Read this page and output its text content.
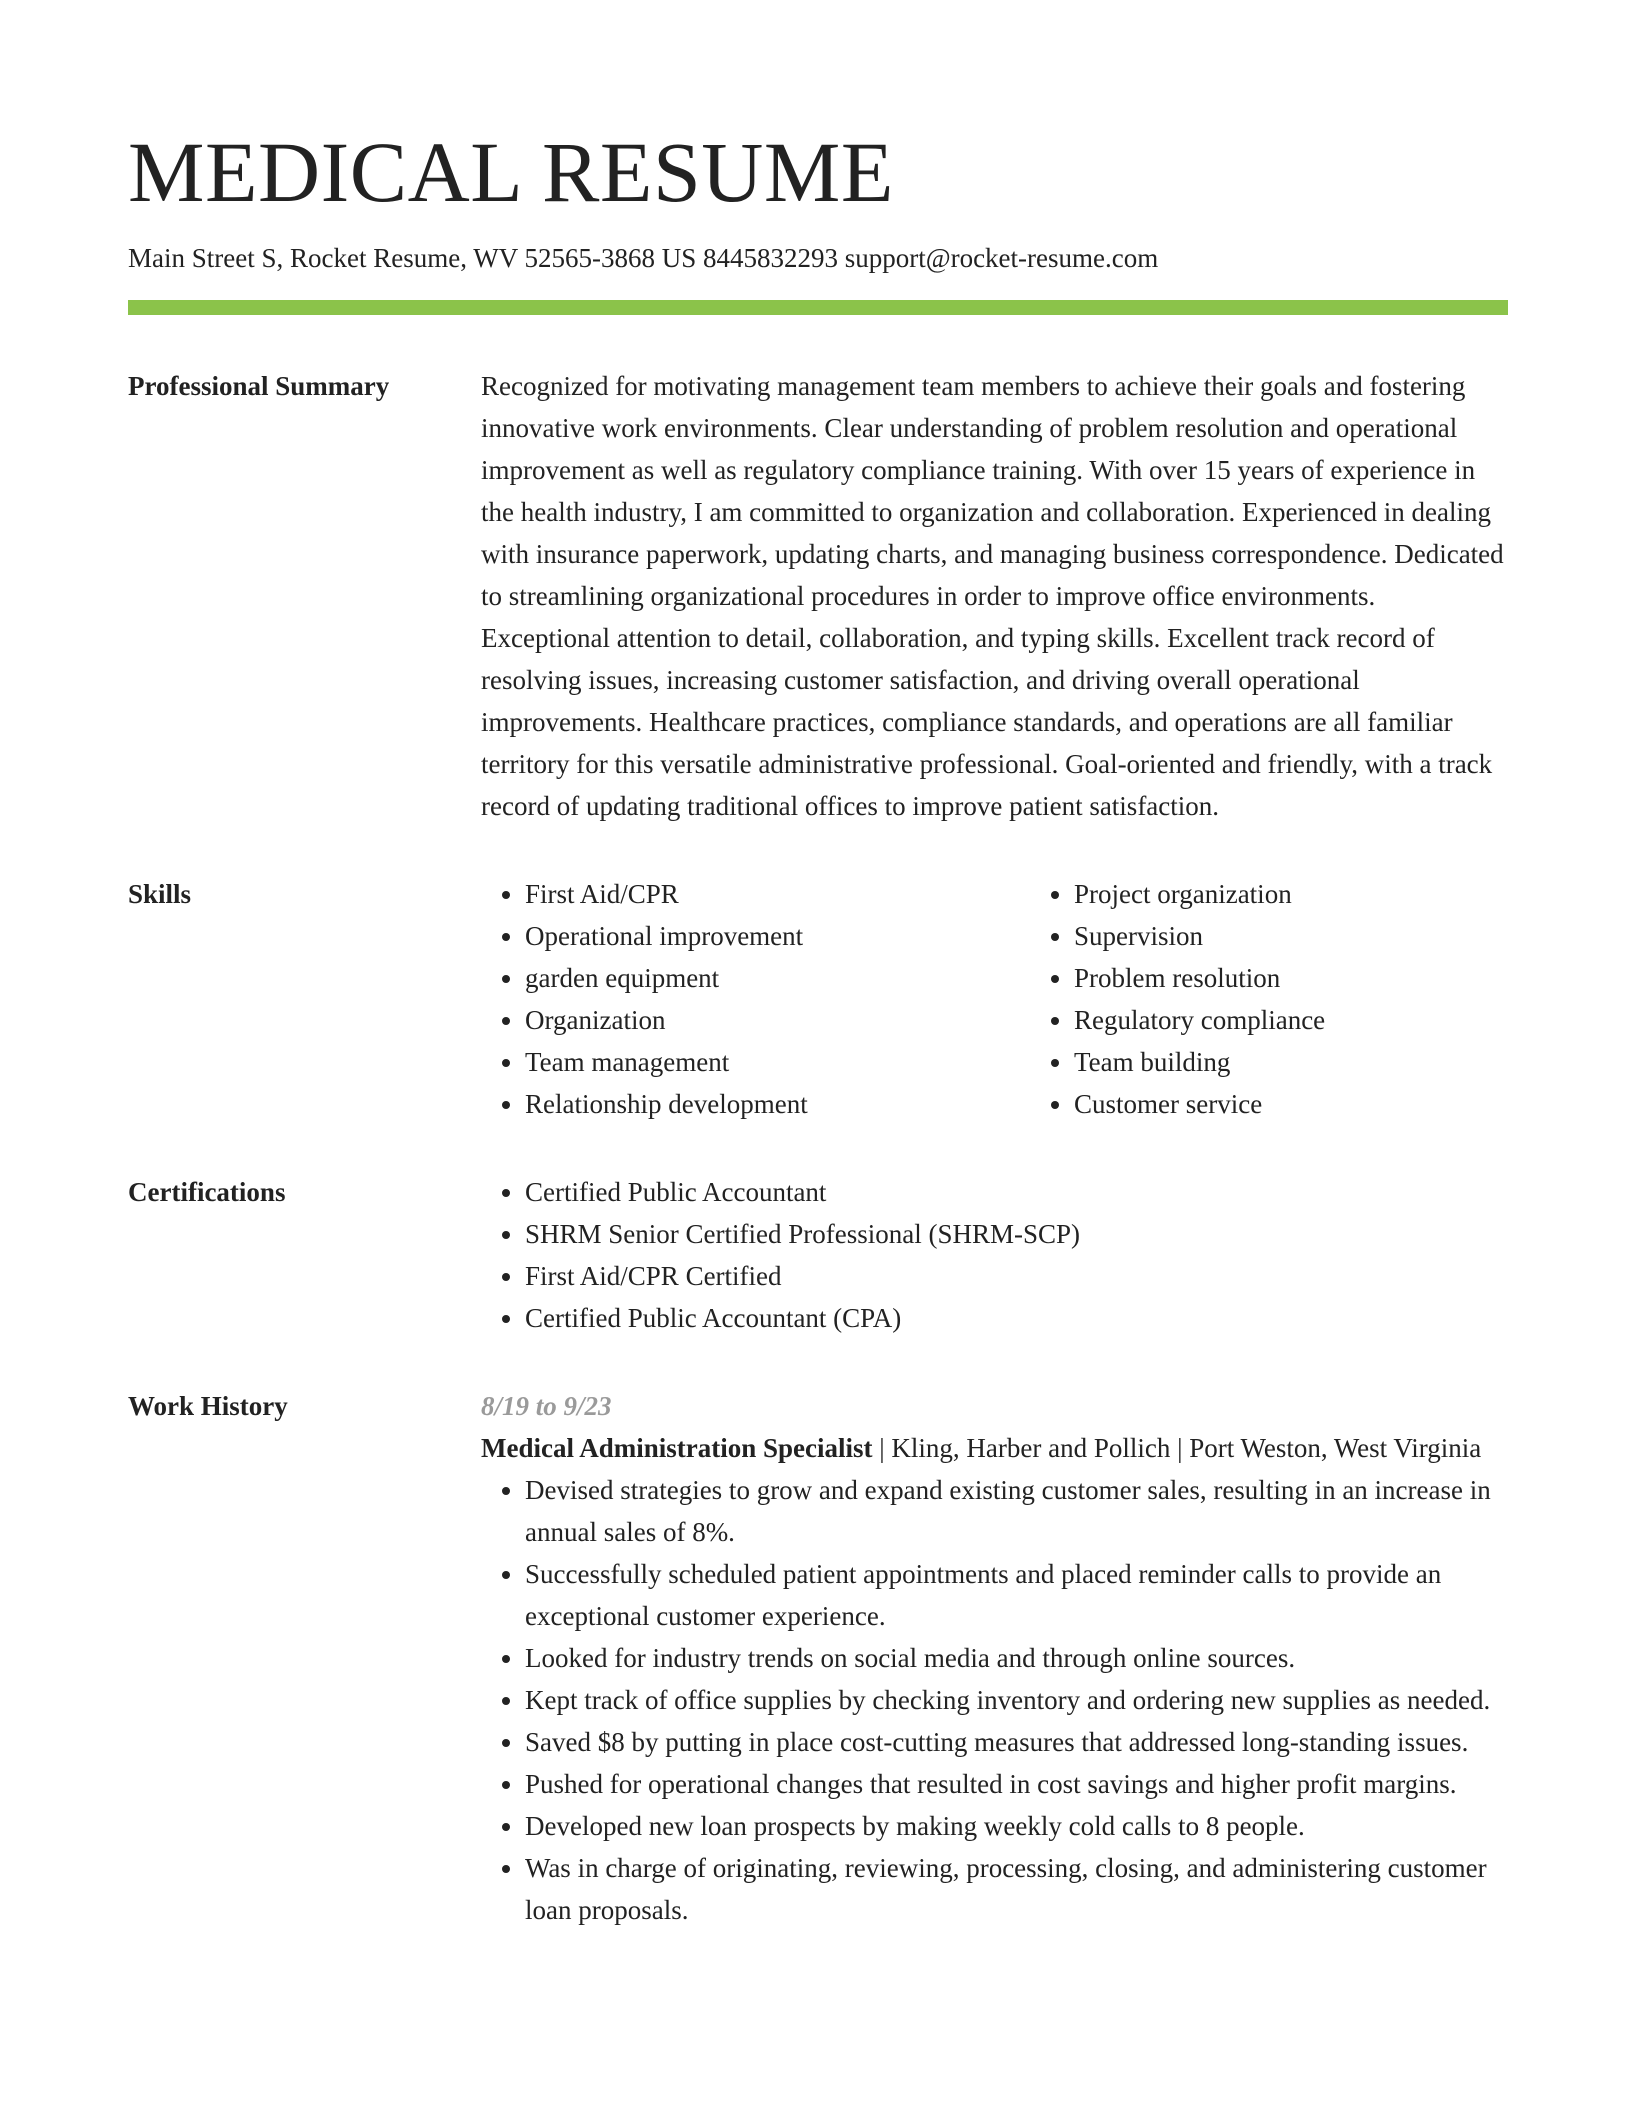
MEDICAL RESUME
Main Street S, Rocket Resume, WV 52565-3868 US 8445832293 support@rocket-resume.com
Professional Summary	Recognized for motivating management team members to achieve their goals and fostering innovative work environments. Clear understanding of problem resolution and operational improvement as well as regulatory compliance training. With over 15 years of experience in the health industry, I am committed to organization and collaboration. Experienced in dealing with insurance paperwork, updating charts, and managing business correspondence. Dedicated to streamlining organizational procedures in order to improve office environments. Exceptional attention to detail, collaboration, and typing skills. Excellent track record of resolving issues, increasing customer satisfaction, and driving overall operational improvements. Healthcare practices, compliance standards, and operations are all familiar territory for this versatile administrative professional. Goal-oriented and friendly, with a track record of updating traditional offices to improve patient satisfaction.

Skills	• First Aid/CPR
• Operational improvement
• garden equipment
• Organization
• Team management
• Relationship development
• Project organization
• Supervision
• Problem resolution
• Regulatory compliance
• Team building
• Customer service
Certifications	• Certified Public Accountant
• SHRM Senior Certified Professional (SHRM-SCP)
• First Aid/CPR Certified
• Certified Public Accountant (CPA)
Work History	8/19 to 9/23

Medical Administration Specialist | Kling, Harber and Pollich | Port Weston, West Virginia

• Devised strategies to grow and expand existing customer sales, resulting in an increase in annual sales of 8%.
• Successfully scheduled patient appointments and placed reminder calls to provide an exceptional customer experience.
• Looked for industry trends on social media and through online sources.
• Kept track of office supplies by checking inventory and ordering new supplies as needed.
• Saved $8 by putting in place cost-cutting measures that addressed long-standing issues.
• Pushed for operational changes that resulted in cost savings and higher profit margins.
• Developed new loan prospects by making weekly cold calls to 8 people.
• Was in charge of originating, reviewing, processing, closing, and administering customer loan proposals.
